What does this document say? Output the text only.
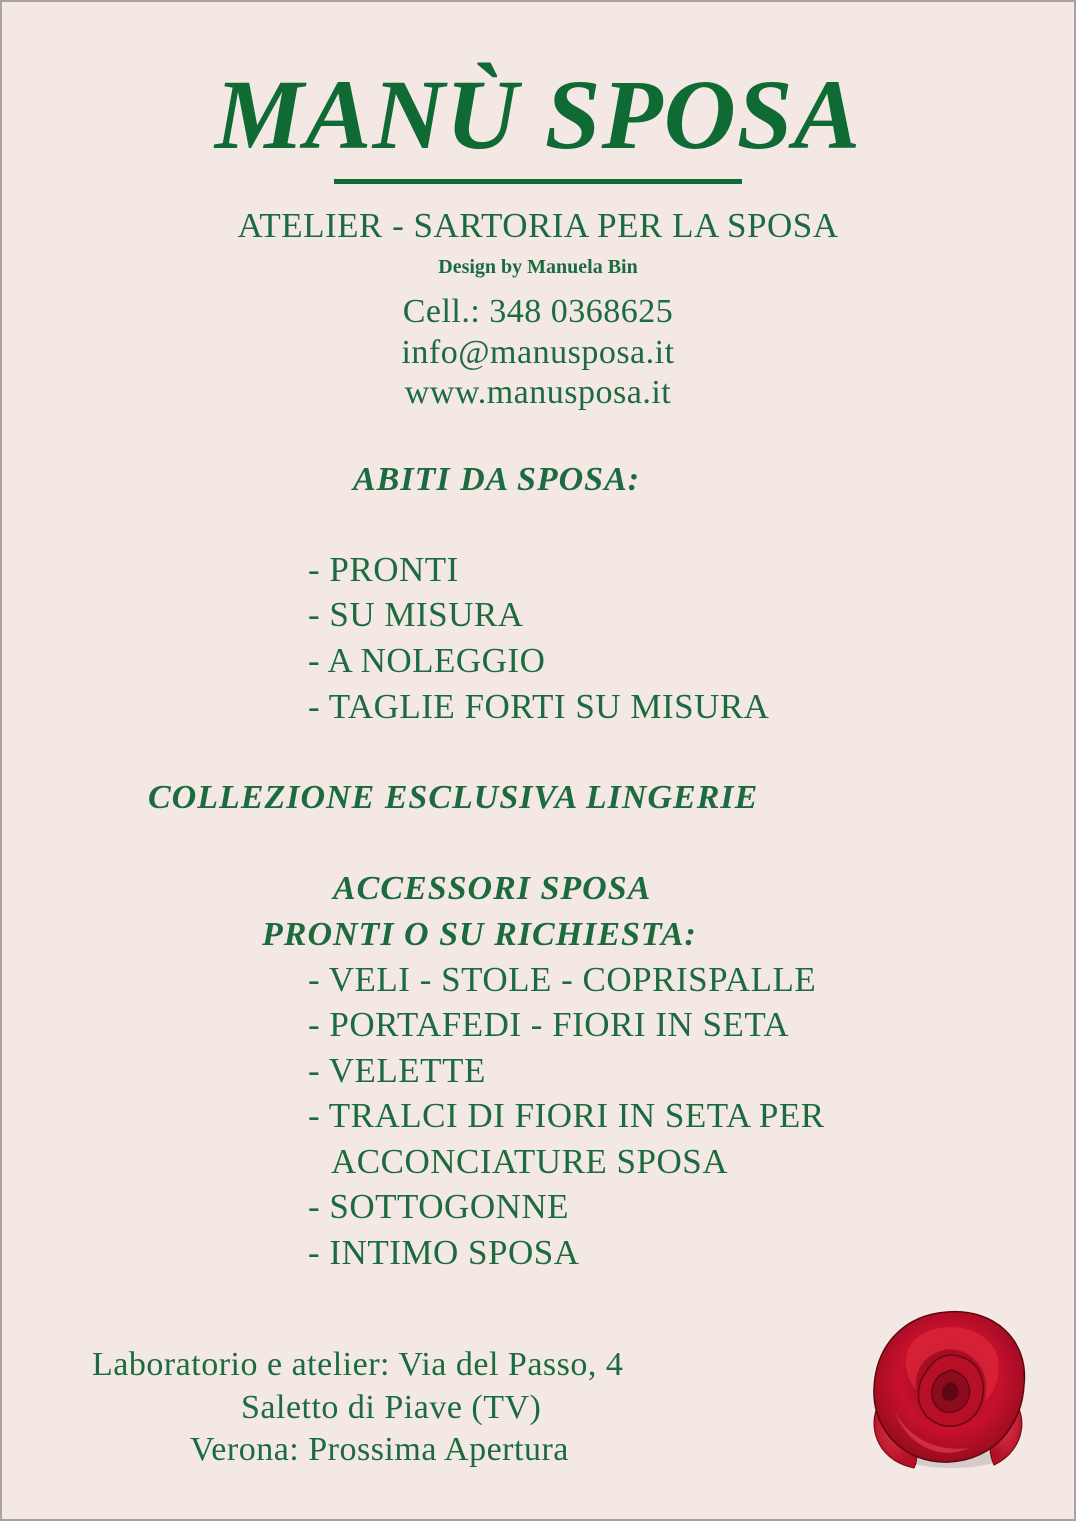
MANÙ SPOSA
ATELIER - SARTORIA PER LA SPOSA
Design by Manuela Bin
Cell.: 348 0368625
info@manusposa.it
www.manusposa.it
ABITI DA SPOSA:
- PRONTI
- SU MISURA
- A NOLEGGIO
- TAGLIE FORTI SU MISURA
COLLEZIONE ESCLUSIVA LINGERIE
ACCESSORI SPOSA
PRONTI O SU RICHIESTA:
- VELI - STOLE - COPRISPALLE
- PORTAFEDI - FIORI IN SETA
- VELETTE
- TRALCI DI FIORI IN SETA PER
ACCONCIATURE SPOSA
- SOTTOGONNE
- INTIMO SPOSA
Laboratorio e atelier: Via del Passo, 4
Saletto di Piave (TV)
Verona: Prossima Apertura
